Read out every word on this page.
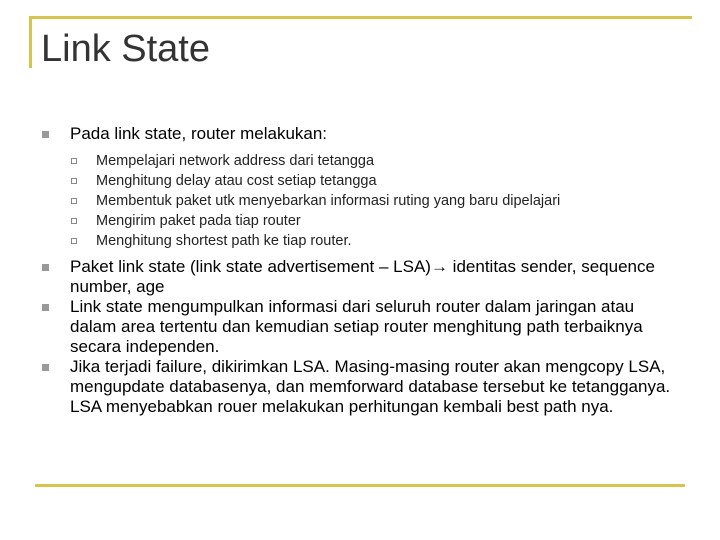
Link State
Pada link state, router melakukan:
Mempelajari network address dari tetangga
Menghitung delay atau cost setiap tetangga
Membentuk paket utk menyebarkan informasi ruting yang baru dipelajari
Mengirim paket pada tiap router
Menghitung shortest path ke tiap router.
Paket link state (link state advertisement – LSA)→ identitas sender, sequence number, age
Link state mengumpulkan informasi dari seluruh router dalam jaringan atau dalam area tertentu dan kemudian setiap router menghitung path terbaiknya secara independen.
Jika terjadi failure, dikirimkan LSA. Masing-masing router akan mengcopy LSA, mengupdate databasenya, dan memforward database tersebut ke tetangganya. LSA menyebabkan rouer melakukan perhitungan kembali best path nya.
